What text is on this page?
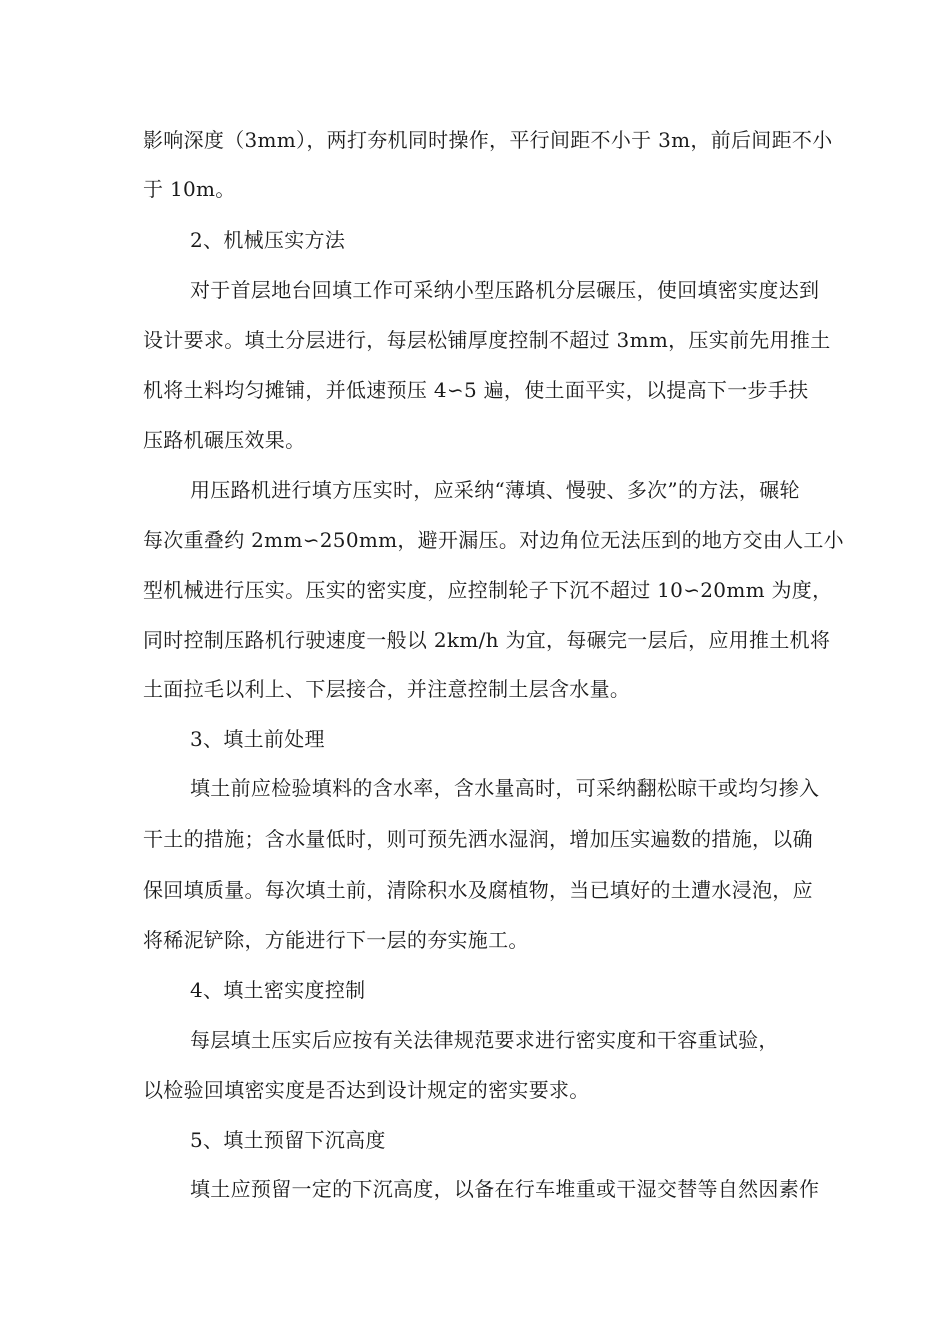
影响深度（3mm），两打夯机同时操作，平行间距不小于 3m，前后间距不小
于 10m。
2、机械压实方法
对于首层地台回填工作可采纳小型压路机分层碾压，使回填密实度达到
设计要求。填土分层进行，每层松铺厚度控制不超过 3mm，压实前先用推土
机将土料均匀摊铺，并低速预压 4∽5 遍，使土面平实，以提高下一步手扶
压路机碾压效果。
用压路机进行填方压实时，应采纳“薄填、慢驶、多次”的方法，碾轮
每次重叠约 2mm∽250mm，避开漏压。对边角位无法压到的地方交由人工小
型机械进行压实。压实的密实度，应控制轮子下沉不超过 10∽20mm 为度，
同时控制压路机行驶速度一般以 2km/h 为宜，每碾完一层后，应用推土机将
土面拉毛以利上、下层接合，并注意控制土层含水量。
3、填土前处理
填土前应检验填料的含水率，含水量高时，可采纳翻松晾干或均匀掺入
干土的措施；含水量低时，则可预先洒水湿润，增加压实遍数的措施，以确
保回填质量。每次填土前，清除积水及腐植物，当已填好的土遭水浸泡，应
将稀泥铲除，方能进行下一层的夯实施工。
4、填土密实度控制
每层填土压实后应按有关法律规范要求进行密实度和干容重试验，
以检验回填密实度是否达到设计规定的密实要求。
5、填土预留下沉高度
填土应预留一定的下沉高度，以备在行车堆重或干湿交替等自然因素作
